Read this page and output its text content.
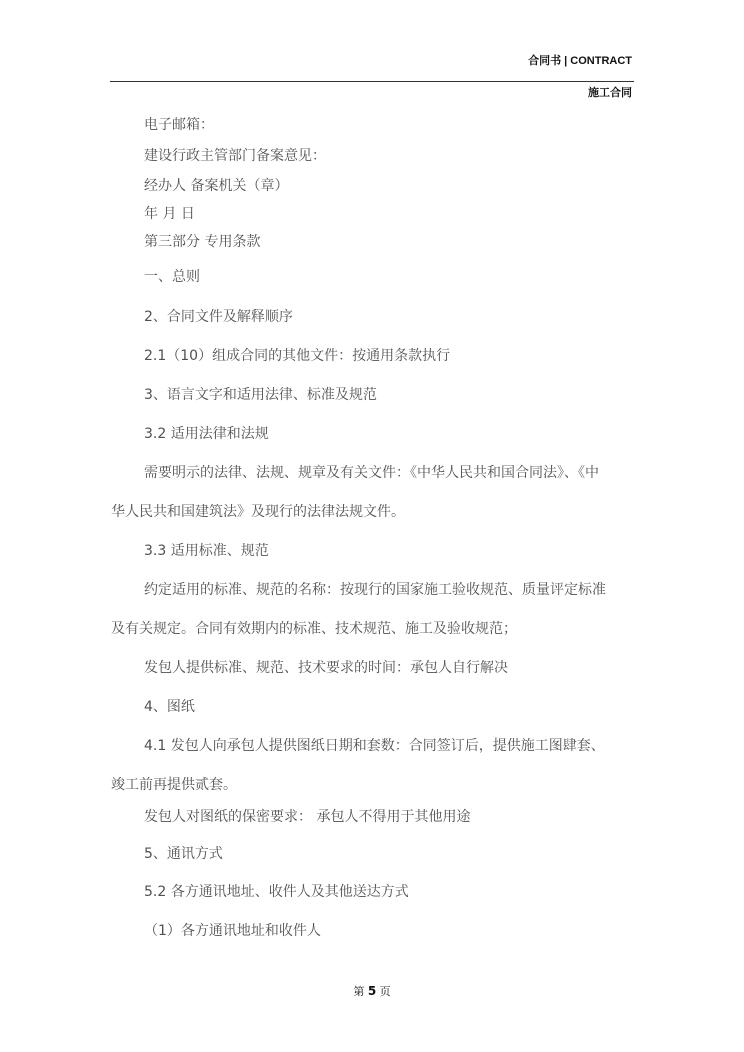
合同书 | CONTRACT
施工合同
电子邮箱：
建设行政主管部门备案意见：
经办人 备案机关（章）
年 月 日
第三部分 专用条款
一、总则
2、合同文件及解释顺序
2.1（10）组成合同的其他文件：按通用条款执行
3、语言文字和适用法律、标准及规范
3.2 适用法律和法规
需要明示的法律、法规、规章及有关文件：《中华人民共和国合同法》、《中
华人民共和国建筑法》及现行的法律法规文件。
3.3 适用标准、规范
约定适用的标准、规范的名称：按现行的国家施工验收规范、质量评定标准
及有关规定。合同有效期内的标准、技术规范、施工及验收规范；
发包人提供标准、规范、技术要求的时间：承包人自行解决
4、图纸
4.1 发包人向承包人提供图纸日期和套数：合同签订后，提供施工图肆套、
竣工前再提供贰套。
发包人对图纸的保密要求： 承包人不得用于其他用途
5、通讯方式
5.2 各方通讯地址、收件人及其他送达方式
（1）各方通讯地址和收件人
第 5 页
